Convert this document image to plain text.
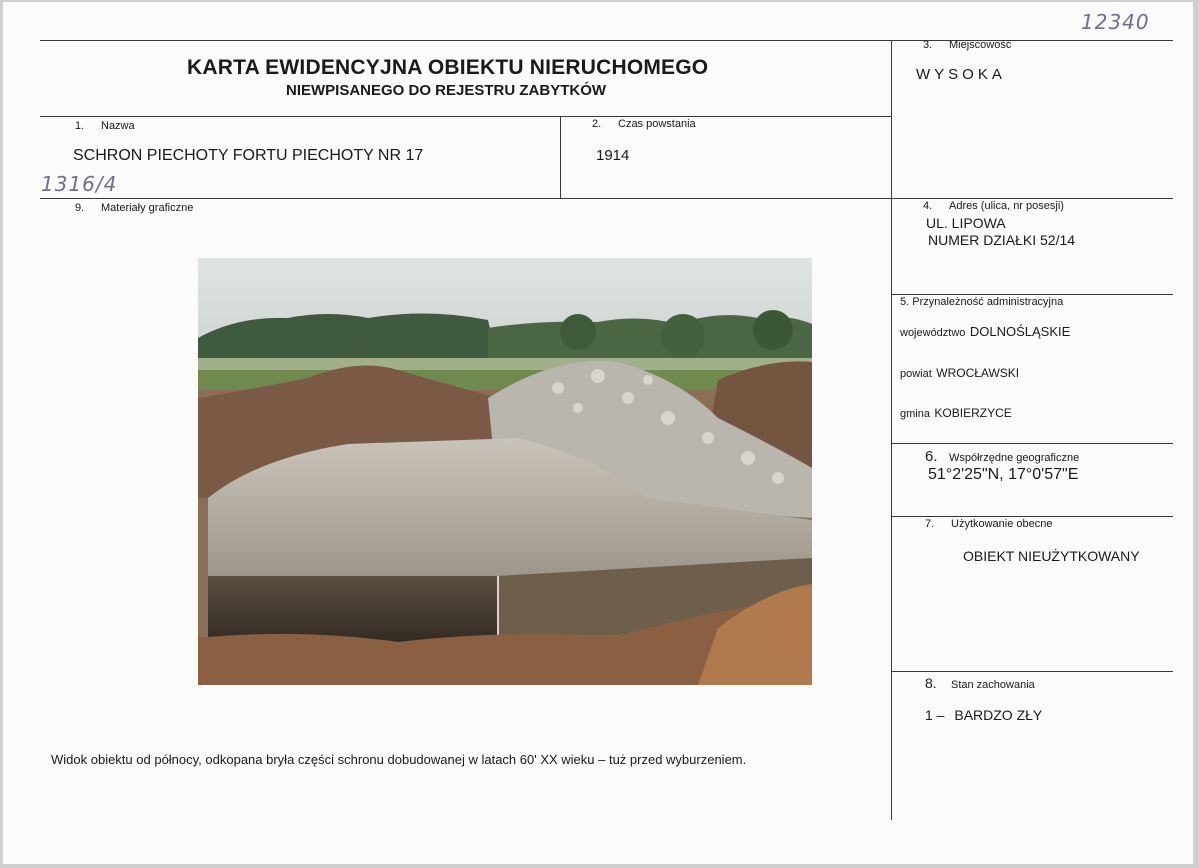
12340
1316/4
KARTA EWIDENCYJNA OBIEKTU NIERUCHOMEGO
NIEWPISANEGO DO REJESTRU ZABYTKÓW
1. Nazwa
SCHRON PIECHOTY FORTU PIECHOTY NR 17
2. Czas powstania
1914
3. Miejscowość
WYSOKA
4. Adres (ulica, nr posesji)
UL. LIPOWA
NUMER DZIAŁKI 52/14
5. Przynależność administracyjna
województwo DOLNOŚLĄSKIE
powiat WROCŁAWSKI
gmina KOBIERZYCE
6. Współrzędne geograficzne
51°2'25"N, 17°0'57"E
7. Użytkowanie obecne
OBIEKT NIEUŻYTKOWANY
8. Stan zachowania
1 – BARDZO ZŁY
9. Materiały graficzne
Widok obiektu od północy, odkopana bryła części schronu dobudowanej w latach 60' XX wieku – tuż przed wyburzeniem.
